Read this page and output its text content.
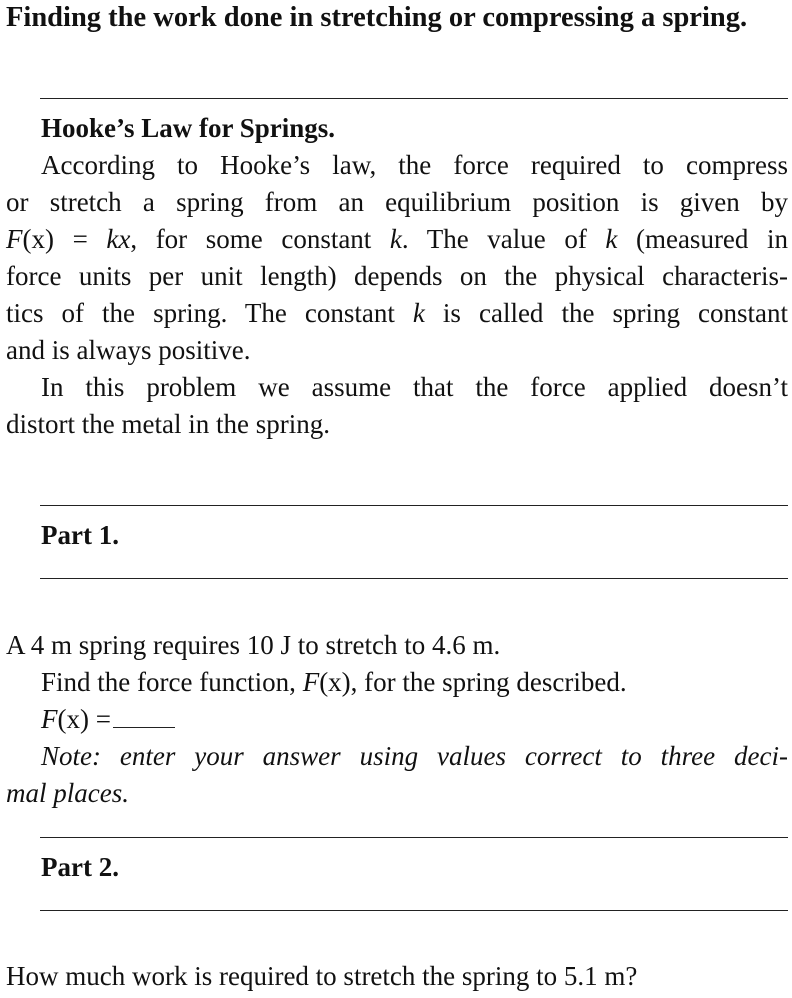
Finding the work done in stretching or compressing a spring.
Hooke’s Law for Springs.
According to Hooke’s law, the force required to compress
or stretch a spring from an equilibrium position is given by
F(x) = kx, for some constant k. The value of k (measured in
force units per unit length) depends on the physical characteris-
tics of the spring. The constant k is called the spring constant
and is always positive.
In this problem we assume that the force applied doesn’t
distort the metal in the spring.
Part 1.
A 4 m spring requires 10 J to stretch to 4.6 m.
Find the force function, F(x), for the spring described.
F(x) =
Note: enter your answer using values correct to three deci-
mal places.
Part 2.
How much work is required to stretch the spring to 5.1 m?
